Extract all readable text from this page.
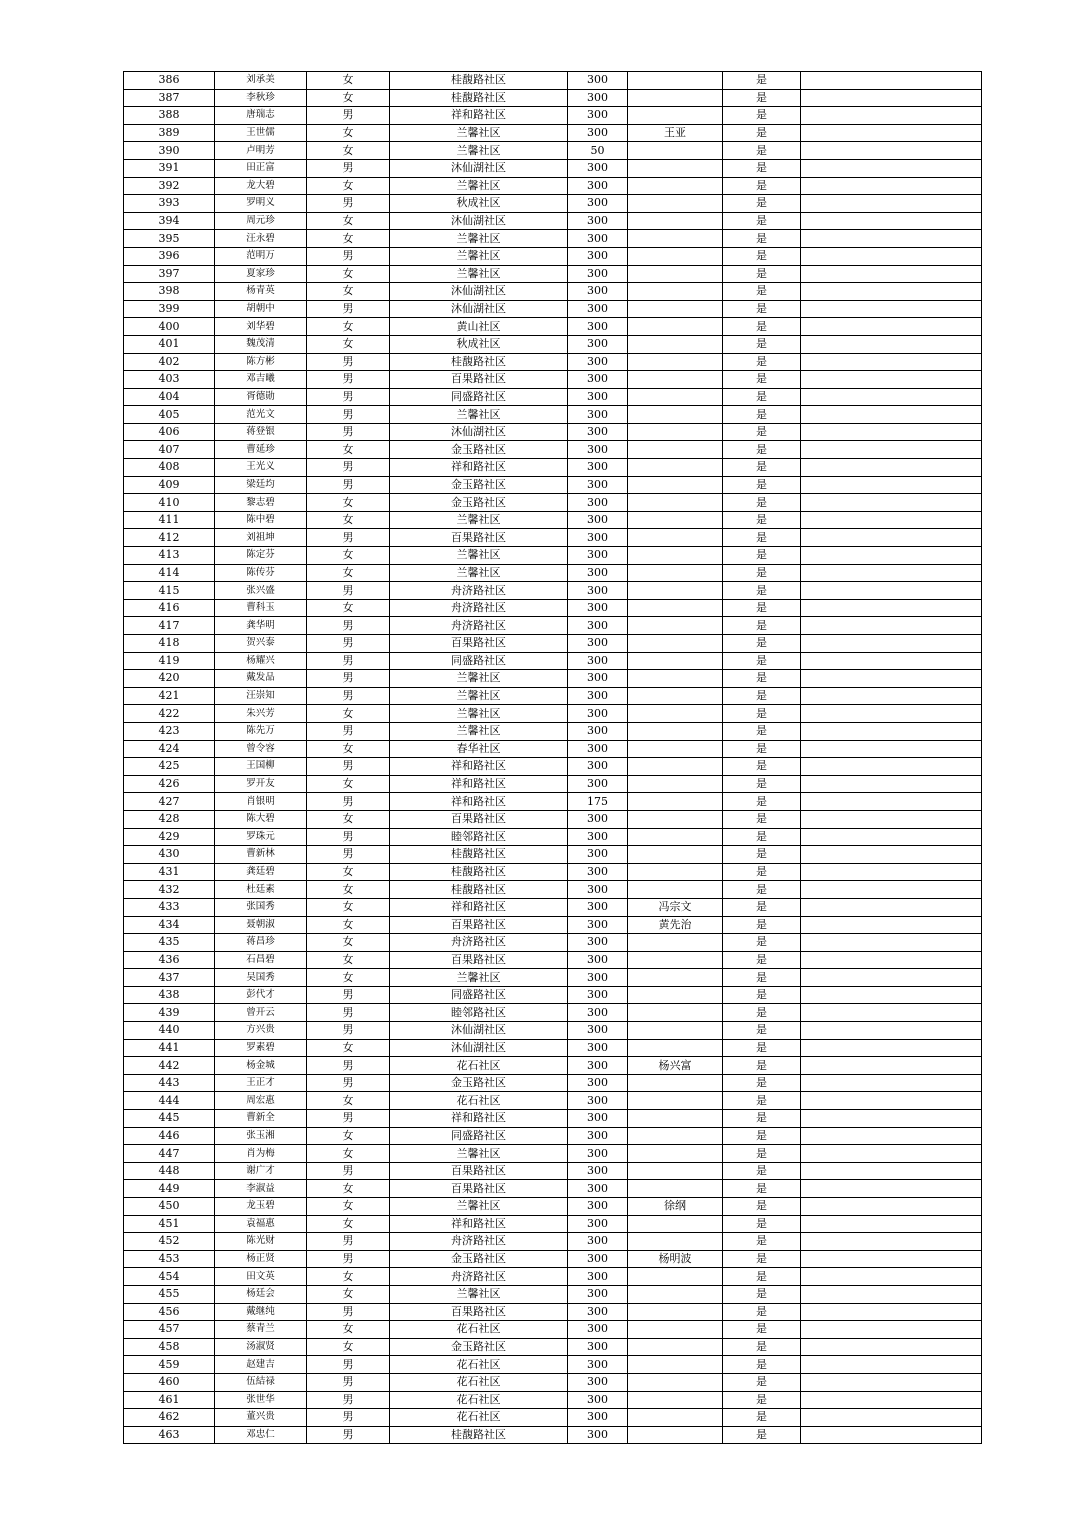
386	刘承美	女	桂馥路社区	300		是	
387	李秋珍	女	桂馥路社区	300		是	
388	唐瑞志	男	祥和路社区	300		是	
389	王世儒	女	兰馨社区	300	王亚	是	
390	卢明芳	女	兰馨社区	50		是	
391	田正富	男	沐仙湖社区	300		是	
392	龙大碧	女	兰馨社区	300		是	
393	罗明义	男	秋成社区	300		是	
394	周元珍	女	沐仙湖社区	300		是	
395	汪永碧	女	兰馨社区	300		是	
396	范明万	男	兰馨社区	300		是	
397	夏家珍	女	兰馨社区	300		是	
398	杨青英	女	沐仙湖社区	300		是	
399	胡朝中	男	沐仙湖社区	300		是	
400	刘华碧	女	黄山社区	300		是	
401	魏茂清	女	秋成社区	300		是	
402	陈方彬	男	桂馥路社区	300		是	
403	邓吉曦	男	百果路社区	300		是	
404	胥德勋	男	同盛路社区	300		是	
405	范光文	男	兰馨社区	300		是	
406	蒋登银	男	沐仙湖社区	300		是	
407	曹延珍	女	金玉路社区	300		是	
408	王光义	男	祥和路社区	300		是	
409	梁廷均	男	金玉路社区	300		是	
410	黎志碧	女	金玉路社区	300		是	
411	陈中碧	女	兰馨社区	300		是	
412	刘祖坤	男	百果路社区	300		是	
413	陈定芬	女	兰馨社区	300		是	
414	陈传芬	女	兰馨社区	300		是	
415	张兴盛	男	舟济路社区	300		是	
416	曹科玉	女	舟济路社区	300		是	
417	龚华明	男	舟济路社区	300		是	
418	贺兴泰	男	百果路社区	300		是	
419	杨耀兴	男	同盛路社区	300		是	
420	戴发品	男	兰馨社区	300		是	
421	汪崇知	男	兰馨社区	300		是	
422	朱兴芳	女	兰馨社区	300		是	
423	陈先万	男	兰馨社区	300		是	
424	曾令容	女	春华社区	300		是	
425	王国柳	男	祥和路社区	300		是	
426	罗开友	女	祥和路社区	300		是	
427	肖银明	男	祥和路社区	175		是	
428	陈大碧	女	百果路社区	300		是	
429	罗珠元	男	睦邻路社区	300		是	
430	曹新林	男	桂馥路社区	300		是	
431	龚廷碧	女	桂馥路社区	300		是	
432	杜廷素	女	桂馥路社区	300		是	
433	张国秀	女	祥和路社区	300	冯宗文	是	
434	聂朝淑	女	百果路社区	300	黄先治	是	
435	蒋昌珍	女	舟济路社区	300		是	
436	石昌碧	女	百果路社区	300		是	
437	吴国秀	女	兰馨社区	300		是	
438	彭代才	男	同盛路社区	300		是	
439	曾开云	男	睦邻路社区	300		是	
440	方兴贵	男	沐仙湖社区	300		是	
441	罗素碧	女	沐仙湖社区	300		是	
442	杨金城	男	花石社区	300	杨兴富	是	
443	王正才	男	金玉路社区	300		是	
444	周宏惠	女	花石社区	300		是	
445	曹新全	男	祥和路社区	300		是	
446	张玉湘	女	同盛路社区	300		是	
447	肖为梅	女	兰馨社区	300		是	
448	谢广才	男	百果路社区	300		是	
449	李淑益	女	百果路社区	300		是	
450	龙玉碧	女	兰馨社区	300	徐纲	是	
451	袁福惠	女	祥和路社区	300		是	
452	陈光财	男	舟济路社区	300		是	
453	杨正贤	男	金玉路社区	300	杨明波	是	
454	田文英	女	舟济路社区	300		是	
455	杨廷会	女	兰馨社区	300		是	
456	戴继纯	男	百果路社区	300		是	
457	蔡青兰	女	花石社区	300		是	
458	汤淑贤	女	金玉路社区	300		是	
459	赵建吉	男	花石社区	300		是	
460	伍結禄	男	花石社区	300		是	
461	张世华	男	花石社区	300		是	
462	董兴贵	男	花石社区	300		是	
463	邓忠仁	男	桂馥路社区	300		是	
